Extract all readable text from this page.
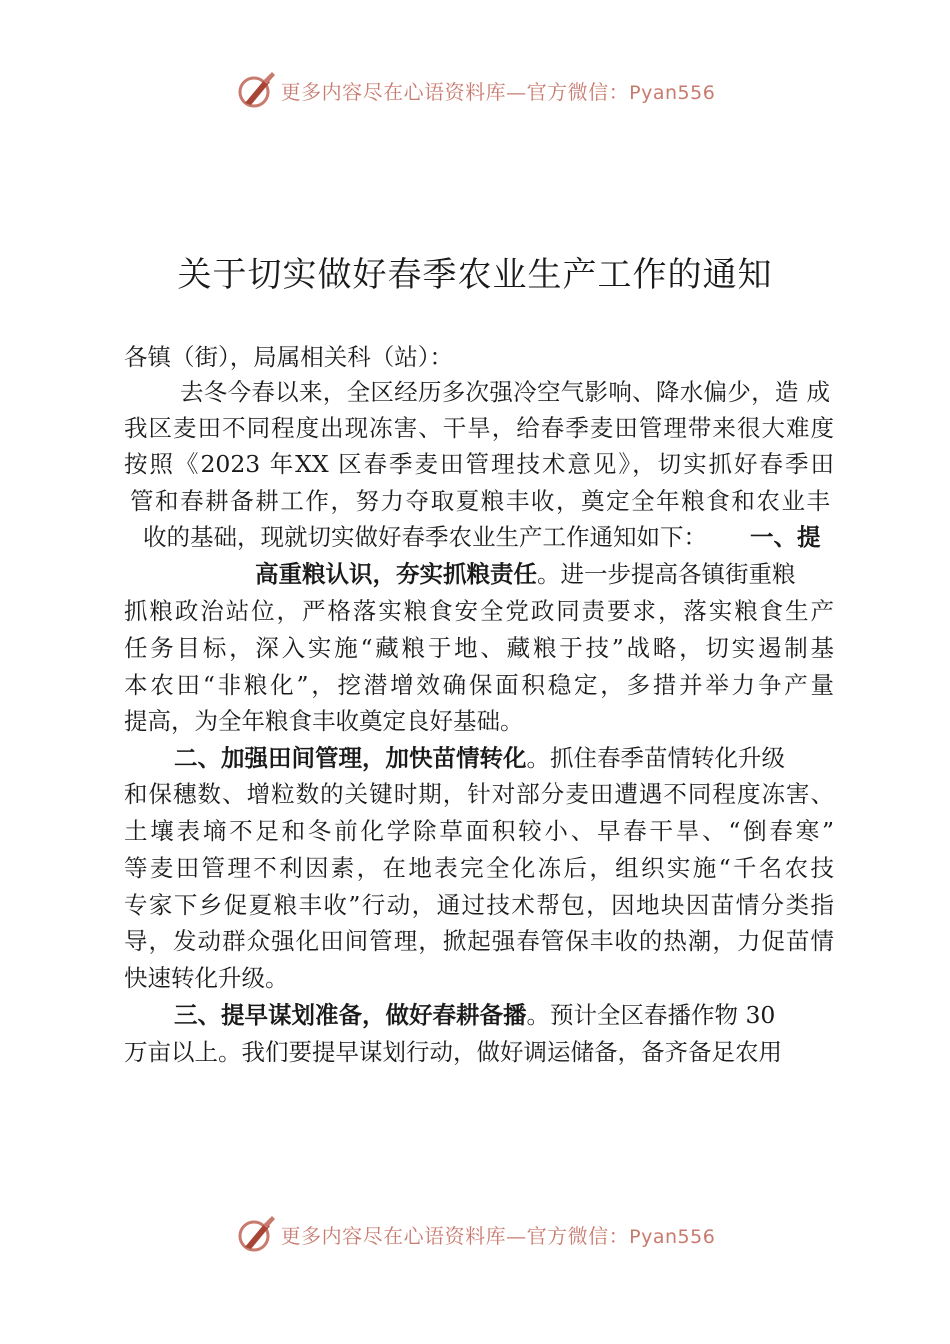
更多内容尽在心语资料库—官方微信：Pyan556
关于切实做好春季农业生产工作的通知
各镇（街），局属相关科（站）：
去冬今春以来，全区经历多次强冷空气影响、降水偏少，造 成
我区麦田不同程度出现冻害、干旱，给春季麦田管理带来很大难度
按照《2023 年XX 区春季麦田管理技术意见》，切实抓好春季田
管和春耕备耕工作，努力夺取夏粮丰收，奠定全年粮食和农业丰
收的基础，现就切实做好春季农业生产工作通知如下：	一、提
高重粮认识，夯实抓粮责任。进一步提高各镇街重粮
抓粮政治站位，严格落实粮食安全党政同责要求，落实粮食生产
任务目标，深入实施“藏粮于地、藏粮于技”战略，切实遏制基
本农田“非粮化”，挖潜增效确保面积稳定，多措并举力争产量
提高，为全年粮食丰收奠定良好基础。
二、加强田间管理，加快苗情转化。抓住春季苗情转化升级
和保穗数、增粒数的关键时期，针对部分麦田遭遇不同程度冻害、
土壤表墒不足和冬前化学除草面积较小、早春干旱、“倒春寒”
等麦田管理不利因素，在地表完全化冻后，组织实施“千名农技
专家下乡促夏粮丰收”行动，通过技术帮包，因地块因苗情分类指
导，发动群众强化田间管理，掀起强春管保丰收的热潮，力促苗情
快速转化升级。
三、提早谋划准备，做好春耕备播。预计全区春播作物 30
万亩以上。我们要提早谋划行动，做好调运储备，备齐备足农用
更多内容尽在心语资料库—官方微信：Pyan556
